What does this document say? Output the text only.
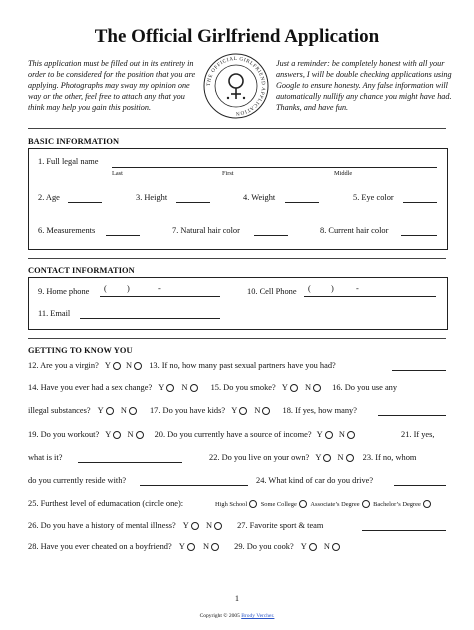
The Official Girlfriend Application
This application must be filled out in its entirety in order to be considered for the position that you are applying. Photographs may sway my opinion one way or the other, feel free to attach any that you think may help you gain this position.
Just a reminder: be completely honest with all your answers, I will be double checking applications using Google to ensure honesty. Any false information will automatically nullify any chance you might have had. Thanks, and have fun.
THE OFFICIAL GIRLFRIEND APPLICATION
BASIC INFORMATION
1. Full legal name
Last	First	Middle
2. Age	3. Height	4. Weight	5. Eye color
6. Measurements	7. Natural hair color	8. Current hair color
CONTACT INFORMATION
9. Home phone ( )	-	10. Cell Phone ( )	-
11. Email
GETTING TO KNOW YOU
12. Are you a virgin? Y
N 13. If no, how many past sexual partners have you had?
14. Have you ever had a sex change? Y
N	15. Do you smoke? Y
N	16. Do you use any
illegal substances? Y
N	17. Do you have kids? Y
N	18. If yes, how many?
19. Do you workout? Y
N	20. Do you currently have a source of income? Y
N	21. If yes,
what is it?	22. Do you live on your own? Y
N 23. If no, whom
do you currently reside with?	24. What kind of car do you drive?
25. Furthest level of edumacation (circle one):	High School
Some College
Associate’s Degree
Bachelor’s Degree
26. Do you have a history of mental illness? Y
N	27. Favorite sport & team
28. Have you ever cheated on a boyfriend? Y
N	29. Do you cook? Y
N
1
Copyright © 2005 Brody Vercher.
